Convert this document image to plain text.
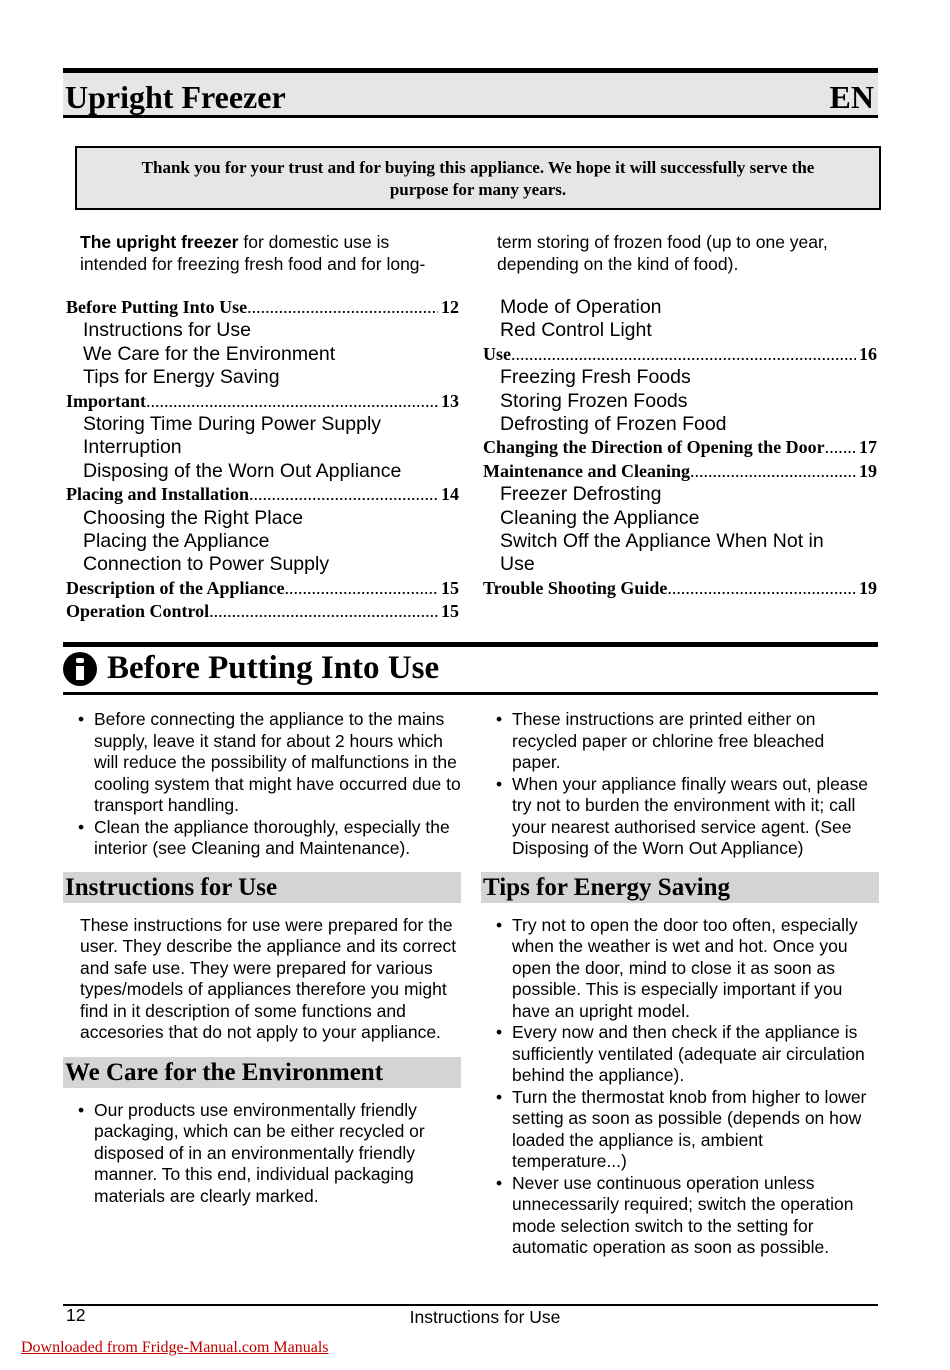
Upright Freezer	EN
Thank you for your trust and for buying this appliance. We hope it will successfully serve the
purpose for many years.
The upright freezer for domestic use is intended for freezing fresh food and for long-
term storing of frozen food (up to one year, depending on the kind of food).
Before Putting Into Use .....	12
Instructions for Use
We Care for the Environment
Tips for Energy Saving
Important .....	13
Storing Time During Power Supply
Interruption
Disposing of the Worn Out Appliance
Placing and Installation .....	14
Choosing the Right Place
Placing the Appliance
Connection to Power Supply
Description of the Appliance .....	15
Operation Control .....	15
Mode of Operation
Red Control Light
Use .....	16
Freezing Fresh Foods
Storing Frozen Foods
Defrosting of Frozen Food
Changing the Direction of Opening the Door ..... 17
Maintenance and Cleaning .....	19
Freezer Defrosting
Cleaning the Appliance
Switch Off the Appliance When Not in
Use
Trouble Shooting Guide .....	19
Before Putting Into Use
• Before connecting the appliance to the mains supply, leave it stand for about 2 hours which will reduce the possibility of malfunctions in the cooling system that might have occurred due to transport handling.
• Clean the appliance thoroughly, especially the interior (see Cleaning and Maintenance).
Instructions for Use
These instructions for use were prepared for the user. They describe the appliance and its correct and safe use. They were prepared for various types/models of appliances therefore you might find in it description of some functions and accesories that do not apply to your appliance.
We Care for the Environment
• Our products use environmentally friendly packaging, which can be either recycled or disposed of in an environmentally friendly manner. To this end, individual packaging materials are clearly marked.
• These instructions are printed either on recycled paper or chlorine free bleached paper.
• When your appliance finally wears out, please try not to burden the environment with it; call your nearest authorised service agent. (See Disposing of the Worn Out Appliance)
Tips for Energy Saving
• Try not to open the door too often, especially when the weather is wet and hot. Once you open the door, mind to close it as soon as possible. This is especially important if you have an upright model.
• Every now and then check if the appliance is sufficiently ventilated (adequate air circulation behind the appliance).
• Turn the thermostat knob from higher to lower setting as soon as possible (depends on how loaded the appliance is, ambient temperature...)
• Never use continuous operation unless unnecessarily required; switch the operation mode selection switch to the setting for automatic operation as soon as possible.
12	Instructions for Use
Downloaded from Fridge-Manual.com Manuals
